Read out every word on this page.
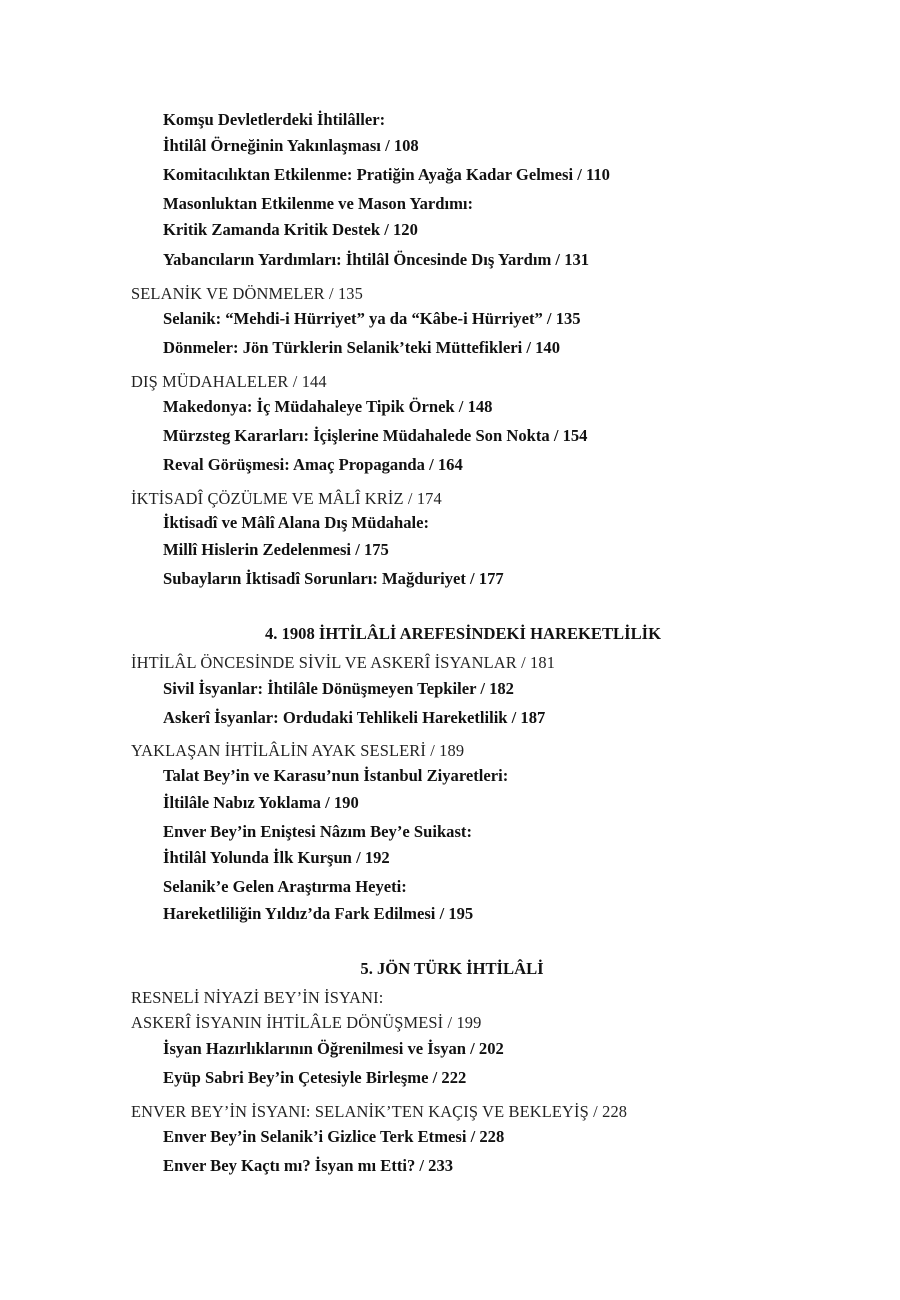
Komşu Devletlerdeki İhtilâller:
İhtilâl Örneğinin Yakınlaşması / 108
Komitacılıktan Etkilenme: Pratiğin Ayağa Kadar Gelmesi / 110
Masonluktan Etkilenme ve Mason Yardımı:
Kritik Zamanda Kritik Destek / 120
Yabancıların Yardımları: İhtilâl Öncesinde Dış Yardım / 131
SELANİK VE DÖNMELER / 135
Selanik: “Mehdi-i Hürriyet” ya da “Kâbe-i Hürriyet” / 135
Dönmeler: Jön Türklerin Selanik’teki Müttefikleri / 140
DIŞ MÜDAHALELER / 144
Makedonya: İç Müdahaleye Tipik Örnek / 148
Mürzsteg Kararları: İçişlerine Müdahalede Son Nokta / 154
Reval Görüşmesi: Amaç Propaganda / 164
İKTİSADÎ ÇÖZÜLME VE MÂLÎ KRİZ / 174
İktisadî ve Mâlî Alana Dış Müdahale:
Millî Hislerin Zedelenmesi / 175
Subayların İktisadî Sorunları: Mağduriyet / 177
4. 1908 İHTİLÂLİ AREFESİNDEKİ HAREKETLİLİK
İHTİLÂL ÖNCESİNDE SİVİL VE ASKERÎ İSYANLAR / 181
Sivil İsyanlar: İhtilâle Dönüşmeyen Tepkiler / 182
Askerî İsyanlar: Ordudaki Tehlikeli Hareketlilik / 187
YAKLAŞAN İHTİLÂLİN AYAK SESLERİ / 189
Talat Bey’in ve Karasu’nun İstanbul Ziyaretleri:
İltilâle Nabız Yoklama / 190
Enver Bey’in Eniştesi Nâzım Bey’e Suikast:
İhtilâl Yolunda İlk Kurşun / 192
Selanik’e Gelen Araştırma Heyeti:
Hareketliliğin Yıldız’da Fark Edilmesi / 195
5. JÖN TÜRK İHTİLÂLİ
RESNELİ NİYAZİ BEY’İN İSYANI:
ASKERÎ İSYANIN İHTİLÂLE DÖNÜŞMESİ / 199
İsyan Hazırlıklarının Öğrenilmesi ve İsyan / 202
Eyüp Sabri Bey’in Çetesiyle Birleşme / 222
ENVER BEY’İN İSYANI: SELANİK’TEN KAÇIŞ VE BEKLEYİŞ / 228
Enver Bey’in Selanik’i Gizlice Terk Etmesi / 228
Enver Bey Kaçtı mı? İsyan mı Etti? / 233
